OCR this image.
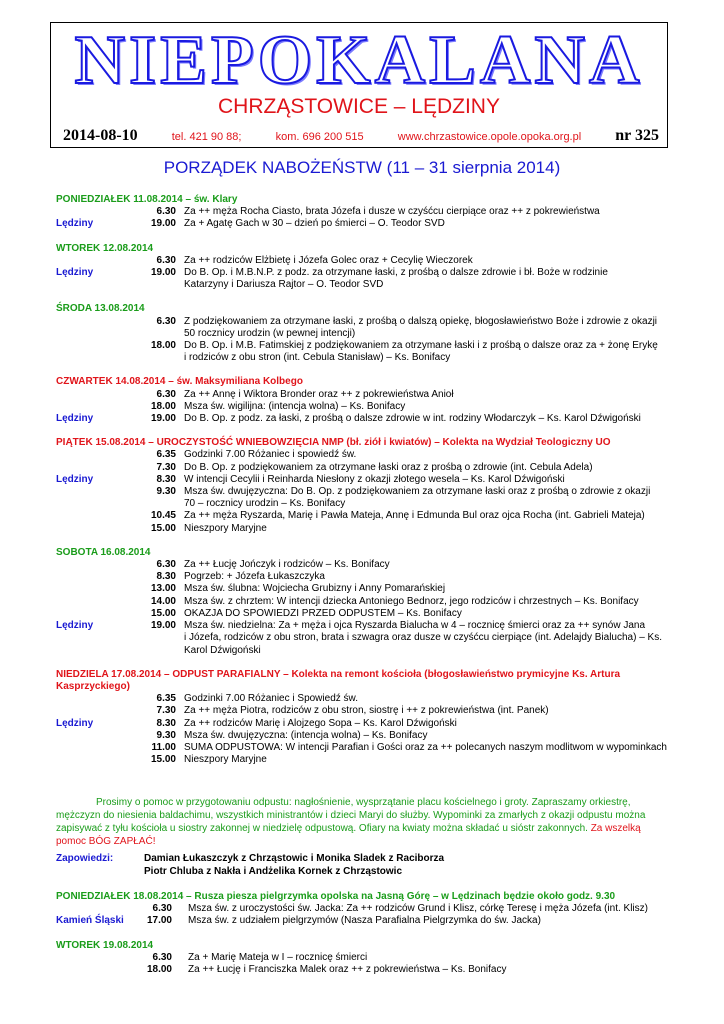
NIEPOKALANA
CHRZĄSTOWICE – LĘDZINY
2014-08-10	tel. 421 90 88;	kom. 696 200 515	www.chrzastowice.opole.opoka.org.pl nr 325
PORZĄDEK NABOŻEŃSTW (11 – 31 sierpnia 2014)
PONIEDZIAŁEK 11.08.2014 – św. Klary
6.30 Za ++ męża Rocha Ciasto, brata Józefa i dusze w czyśćcu cierpiące oraz ++ z pokrewieństwa
Lędziny	19.00 Za + Agatę Gach w 30 – dzień po śmierci – O. Teodor SVD
WTOREK 12.08.2014
6.30 Za ++ rodziców Elżbietę i Józefa Golec oraz + Cecylię Wieczorek
Lędziny	19.00 Do B. Op. i M.B.N.P. z podz. za otrzymane łaski, z prośbą o dalsze zdrowie i bł. Boże w rodzinie
Katarzyny i Dariusza Rajtor – O. Teodor SVD
ŚRODA 13.08.2014
6.30 Z podziękowaniem za otrzymane łaski, z prośbą o dalszą opiekę, błogosławieństwo Boże i zdrowie z okazji
50 rocznicy urodzin (w pewnej intencji)
18.00 Do B. Op. i M.B. Fatimskiej z podziękowaniem za otrzymane łaski i z prośbą o dalsze oraz za + żonę Erykę
i rodziców z obu stron (int. Cebula Stanisław) – Ks. Bonifacy
CZWARTEK 14.08.2014 – św. Maksymiliana Kolbego
6.30 Za ++ Annę i Wiktora Bronder oraz ++ z pokrewieństwa Anioł
18.00 Msza św. wigilijna: (intencja wolna) – Ks. Bonifacy
Lędziny	19.00 Do B. Op. z podz. za łaski, z prośbą o dalsze zdrowie w int. rodziny Włodarczyk – Ks. Karol Dźwigoński
PIĄTEK 15.08.2014 – UROCZYSTOŚĆ WNIEBOWZIĘCIA NMP (bł. ziół i kwiatów) – Kolekta na Wydział Teologiczny UO
6.35 Godzinki 7.00 Różaniec i spowiedź św.
7.30 Do B. Op. z podziękowaniem za otrzymane łaski oraz z prośbą o zdrowie (int. Cebula Adela)
Lędziny	8.30 W intencji Cecylii i Reinharda Niesłony z okazji złotego wesela – Ks. Karol Dźwigoński
9.30 Msza św. dwujęzyczna: Do B. Op. z podziękowaniem za otrzymane łaski oraz z prośbą o zdrowie z okazji
70 – rocznicy urodzin – Ks. Bonifacy
10.45 Za ++ męża Ryszarda, Marię i Pawła Mateja, Annę i Edmunda Bul oraz ojca Rocha (int. Gabrieli Mateja)
15.00 Nieszpory Maryjne
SOBOTA 16.08.2014
6.30 Za ++ Łucję Jończyk i rodziców – Ks. Bonifacy
8.30 Pogrzeb: + Józefa Łukaszczyka
13.00 Msza św. ślubna: Wojciecha Grubizny i Anny Pomarańskiej
14.00 Msza św. z chrztem: W intencji dziecka Antoniego Bednorz, jego rodziców i chrzestnych – Ks. Bonifacy
15.00 OKAZJA DO SPOWIEDZI PRZED ODPUSTEM – Ks. Bonifacy
Lędziny	19.00 Msza św. niedzielna: Za + męża i ojca Ryszarda Bialucha w 4 – rocznicę śmierci oraz za ++ synów Jana
i Józefa, rodziców z obu stron, brata i szwagra oraz dusze w czyśćcu cierpiące (int. Adelajdy Bialucha) – Ks.
Karol Dźwigoński
NIEDZIELA 17.08.2014 – ODPUST PARAFIALNY – Kolekta na remont kościoła (błogosławieństwo prymicyjne Ks. Artura Kasprzyckiego)
6.35 Godzinki 7.00 Różaniec i Spowiedź św.
7.30 Za ++ męża Piotra, rodziców z obu stron, siostrę i ++ z pokrewieństwa (int. Panek)
Lędziny	8.30 Za ++ rodziców Marię i Alojzego Sopa – Ks. Karol Dźwigoński
9.30 Msza św. dwujęzyczna: (intencja wolna) – Ks. Bonifacy
11.00 SUMA ODPUSTOWA: W intencji Parafian i Gości oraz za ++ polecanych naszym modlitwom w wypominkach
15.00 Nieszpory Maryjne

Prosimy o pomoc w przygotowaniu odpustu: nagłośnienie, wysprzątanie placu kościelnego i groty. Zapraszamy orkiestrę, mężczyzn do niesienia baldachimu, wszystkich ministrantów i dzieci Maryi do służby. Wypominki za zmarłych z okazji odpustu można zapisywać z tyłu kościoła u siostry zakonnej w niedzielę odpustową. Ofiary na kwiaty można składać u sióstr zakonnych. Za wszelką pomoc BÓG ZAPŁAĆ!

Zapowiedzi:	Damian Łukaszczyk z Chrząstowic i Monika Sladek z Raciborza
Piotr Chluba z Nakła i Andżelika Kornek z Chrząstowic
PONIEDZIAŁEK 18.08.2014 – Rusza piesza pielgrzymka opolska na Jasną Górę – w Lędzinach będzie około godz. 9.30
6.30	Msza św. z uroczystości św. Jacka: Za ++ rodziców Grund i Klisz, córkę Teresę i męża Józefa (int. Klisz)
Kamień Śląski 17.00	Msza św. z udziałem pielgrzymów (Nasza Parafialna Pielgrzymka do św. Jacka)
WTOREK 19.08.2014
6.30	Za + Marię Mateja w I – rocznicę śmierci
18.00	Za ++ Łucję i Franciszka Malek oraz ++ z pokrewieństwa – Ks. Bonifacy
